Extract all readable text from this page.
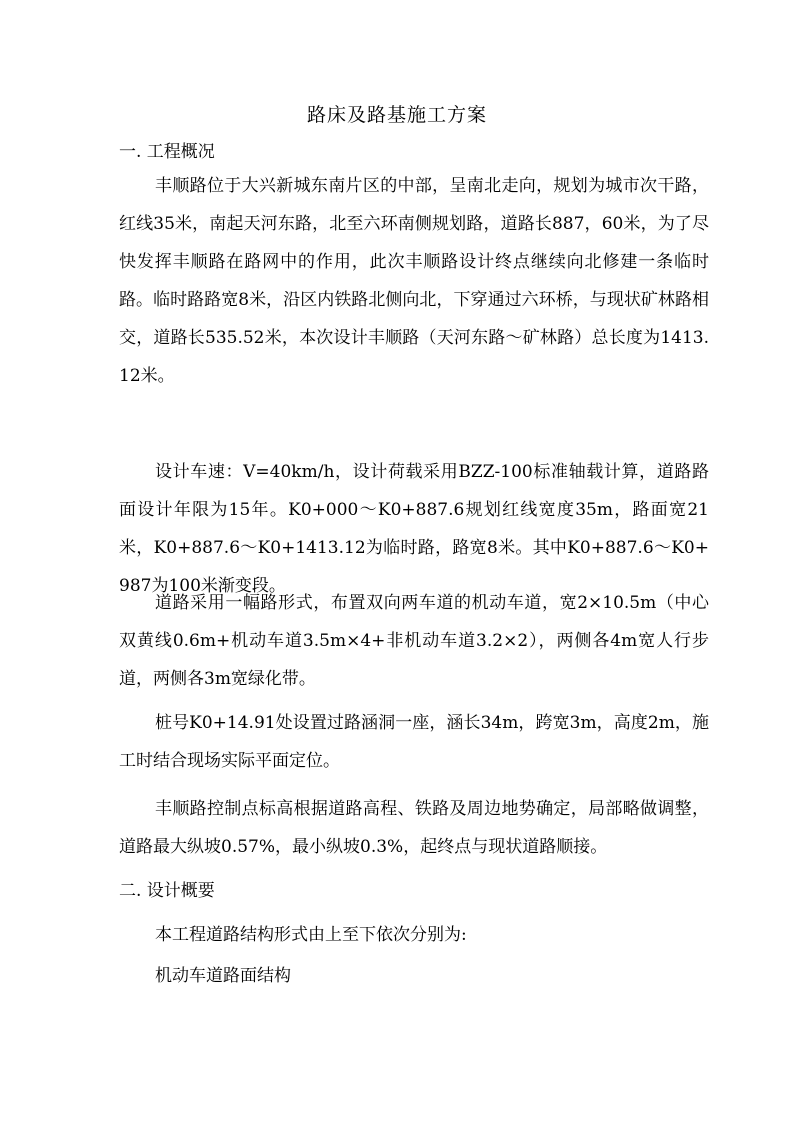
路床及路基施工方案
一. 工程概况

丰顺路位于大兴新城东南片区的中部，呈南北走向，规划为城市次干路，红线35米，南起天河东路，北至六环南侧规划路，道路长887，60米，为了尽快发挥丰顺路在路网中的作用，此次丰顺路设计终点继续向北修建一条临时路。临时路路宽8米，沿区内铁路北侧向北，下穿通过六环桥，与现状矿林路相交，道路长535.52米，本次设计丰顺路（天河东路～矿林路）总长度为1413.12米。

设计车速：V=40km/h，设计荷载采用BZZ-100标准轴载计算，道路路面设计年限为15年。K0+000～K0+887.6规划红线宽度35m，路面宽21米，K0+887.6～K0+1413.12为临时路，路宽8米。其中K0+887.6～K0+987为100米渐变段。

道路采用一幅路形式，布置双向两车道的机动车道，宽2×10.5m（中心双黄线0.6m+机动车道3.5m×4+非机动车道3.2×2），两侧各4m宽人行步道，两侧各3m宽绿化带。

桩号K0+14.91处设置过路涵洞一座，涵长34m，跨宽3m，高度2m，施工时结合现场实际平面定位。

丰顺路控制点标高根据道路高程、铁路及周边地势确定，局部略做调整，道路最大纵坡0.57%，最小纵坡0.3%，起终点与现状道路顺接。

二. 设计概要
本工程道路结构形式由上至下依次分别为:
机动车道路面结构
